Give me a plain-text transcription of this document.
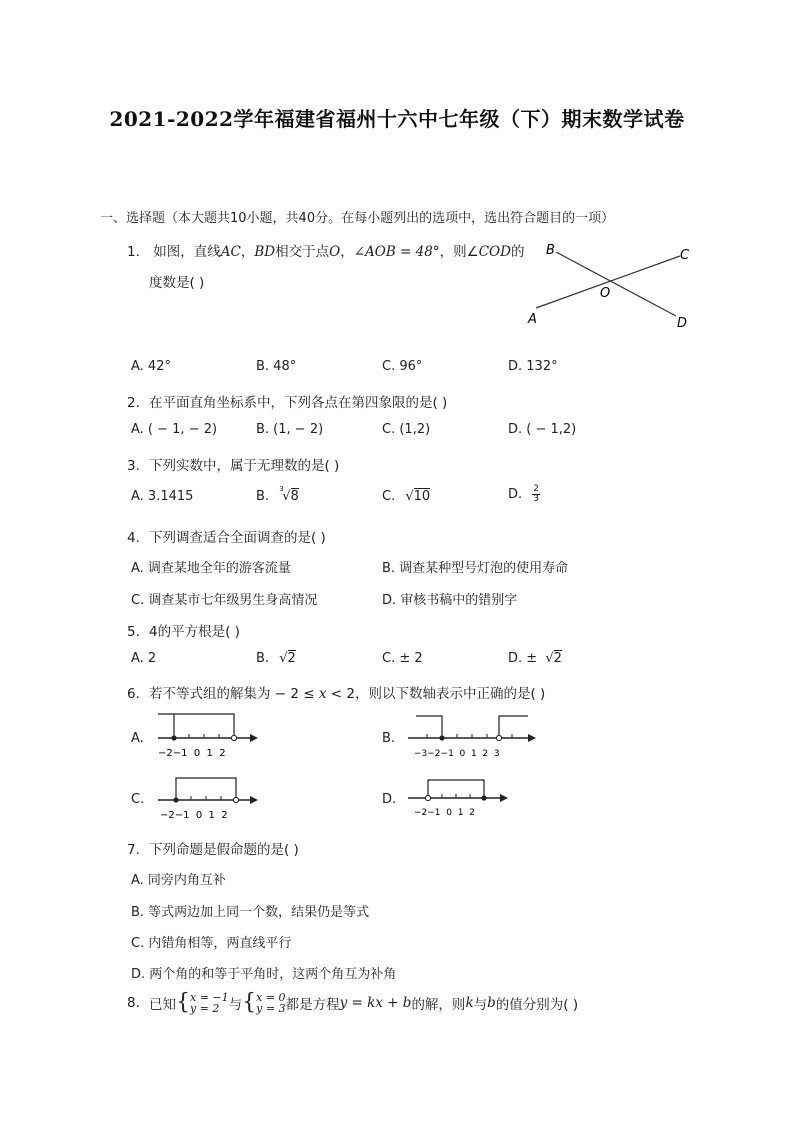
2021-2022学年福建省福州十六中七年级（下）期末数学试卷
一、选择题（本大题共10小题，共40分。在每小题列出的选项中，选出符合题目的一项）
1. 如图，直线AC，BD相交于点O，∠AOB = 48°，则∠COD的
度数是( )
B	C
O
A	D
A. 42°	B. 48°	C. 96°	D. 132°
2. 在平面直角坐标系中，下列各点在第四象限的是( )
A. ( − 1, − 2)	B. (1, − 2)	C. (1,2)	D. ( − 1,2)
3. 下列实数中，属于无理数的是( )
A. 3.1415	B. 3
√8	C. √10	D. $\frac{2}{3}$
4. 下列调查适合全面调查的是( )
A. 调查某地全年的游客流量	B. 调查某种型号灯泡的使用寿命
C. 调查某市七年级男生身高情况	D. 审核书稿中的错别字
5. 4的平方根是( )
A. 2	B. √2	C. ± 2	D. ± √2
6. 若不等式组的解集为 − 2 ≤ x < 2，则以下数轴表示中正确的是( )
A.
−2−1  0  1  2
B.
−3−2−1  0  1  2  3
C.
−2−1  0  1  2
D.
−2−1  0  1  2
7. 下列命题是假命题的是( )
A. 同旁内角互补
B. 等式两边加上同一个数，结果仍是等式
C. 内错角相等，两直线平行
D. 两个角的和等于平角时，这两个角互为补角
8. 已知{ x = −1
y = 2 与{ x = 0
y = 3 都是方程y = kx + b的解，则k与b的值分别为( )
